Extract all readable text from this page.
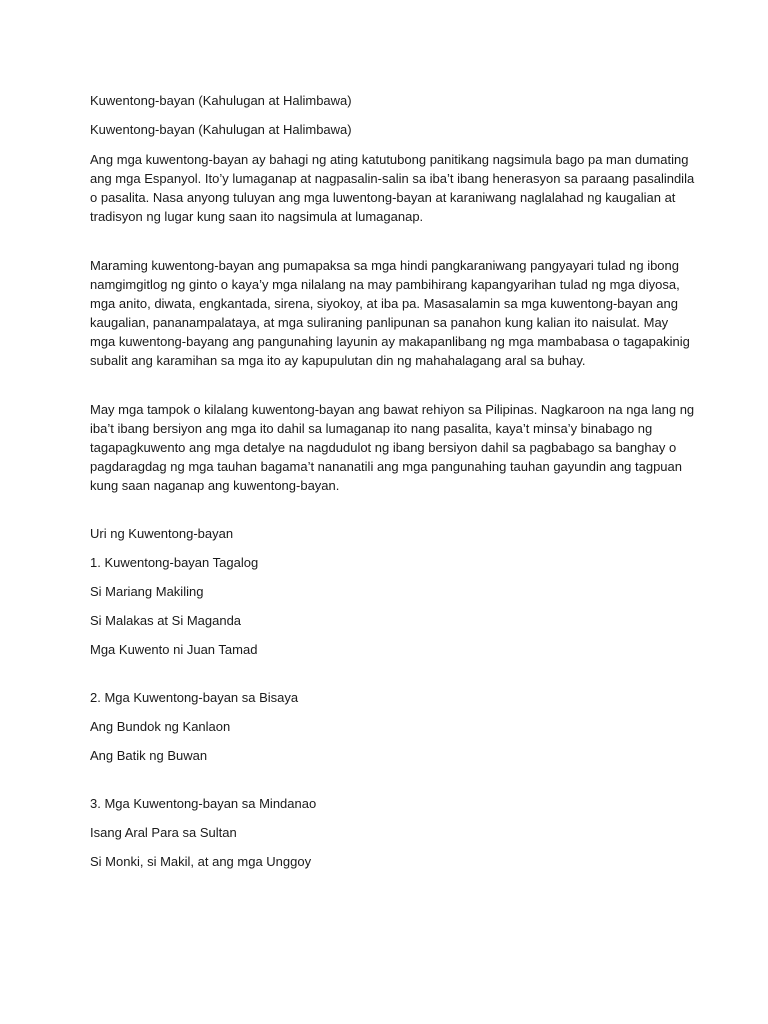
Kuwentong-bayan (Kahulugan at Halimbawa)

Kuwentong-bayan (Kahulugan at Halimbawa)

Ang mga kuwentong-bayan ay bahagi ng ating katutubong panitikang nagsimula bago pa man dumating
ang mga Espanyol. Ito’y lumaganap at nagpasalin-salin sa iba’t ibang henerasyon sa paraang pasalindila
o pasalita. Nasa anyong tuluyan ang mga luwentong-bayan at karaniwang naglalahad ng kaugalian at
tradisyon ng lugar kung saan ito nagsimula at lumaganap.

Maraming kuwentong-bayan ang pumapaksa sa mga hindi pangkaraniwang pangyayari tulad ng ibong
namgimgitlog ng ginto o kaya’y mga nilalang na may pambihirang kapangyarihan tulad ng mga diyosa,
mga anito, diwata, engkantada, sirena, siyokoy, at iba pa. Masasalamin sa mga kuwentong-bayan ang
kaugalian, pananampalataya, at mga suliraning panlipunan sa panahon kung kalian ito naisulat. May
mga kuwentong-bayang ang pangunahing layunin ay makapanlibang ng mga mambabasa o tagapakinig
subalit ang karamihan sa mga ito ay kapupulutan din ng mahahalagang aral sa buhay.

May mga tampok o kilalang kuwentong-bayan ang bawat rehiyon sa Pilipinas. Nagkaroon na nga lang ng
iba’t ibang bersiyon ang mga ito dahil sa lumaganap ito nang pasalita, kaya’t minsa’y binabago ng
tagapagkuwento ang mga detalye na nagdudulot ng ibang bersiyon dahil sa pagbabago sa banghay o
pagdaragdag ng mga tauhan bagama’t nananatili ang mga pangunahing tauhan gayundin ang tagpuan
kung saan naganap ang kuwentong-bayan.

Uri ng Kuwentong-bayan

1. Kuwentong-bayan Tagalog

Si Mariang Makiling

Si Malakas at Si Maganda

Mga Kuwento ni Juan Tamad

2. Mga Kuwentong-bayan sa Bisaya

Ang Bundok ng Kanlaon

Ang Batik ng Buwan

3. Mga Kuwentong-bayan sa Mindanao

Isang Aral Para sa Sultan

Si Monki, si Makil, at ang mga Unggoy
